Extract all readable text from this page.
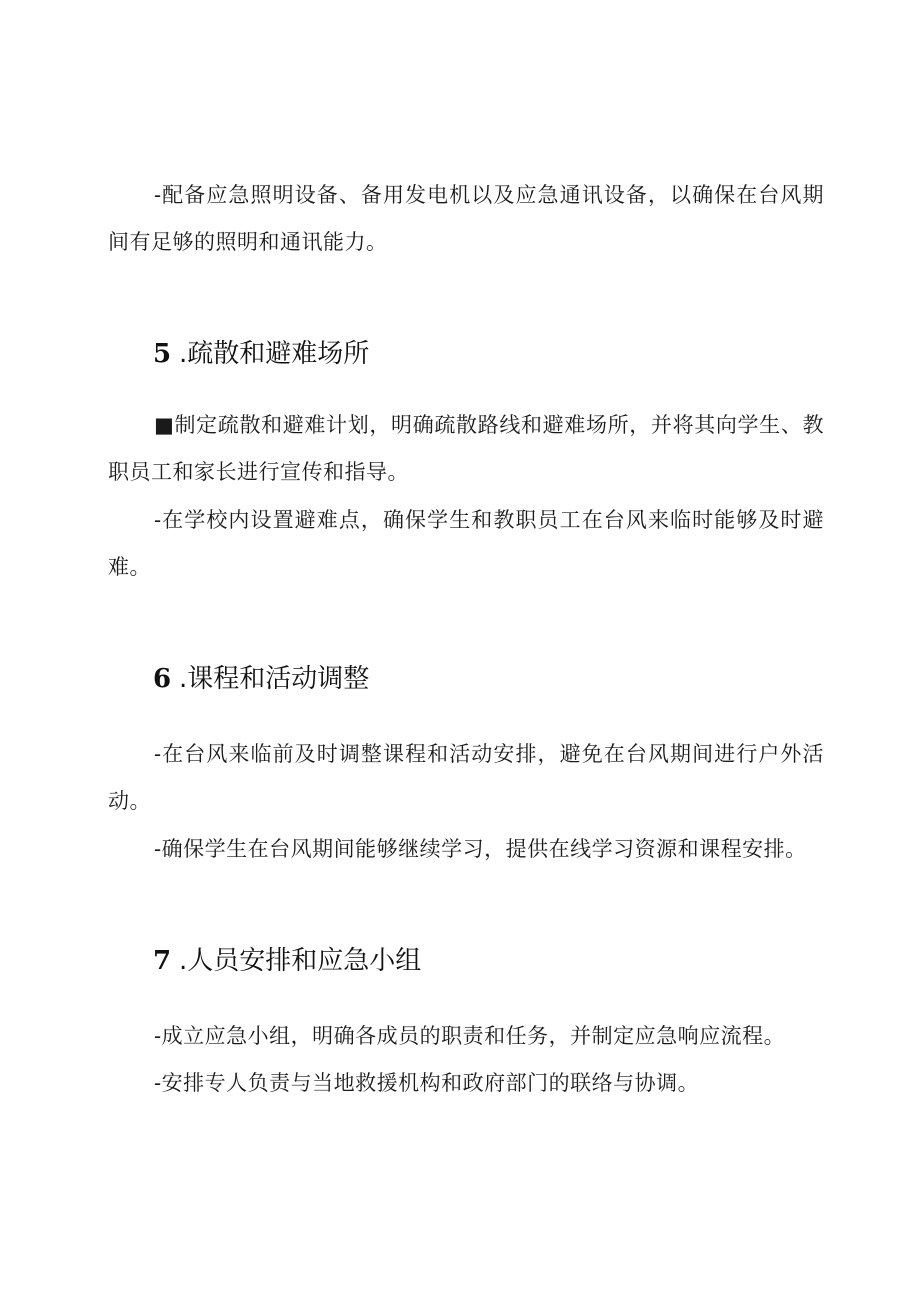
-配备应急照明设备、备用发电机以及应急通讯设备，以确保在台风期间有足够的照明和通讯能力。

5 .疏散和避难场所

■制定疏散和避难计划，明确疏散路线和避难场所，并将其向学生、教职员工和家长进行宣传和指导。

-在学校内设置避难点，确保学生和教职员工在台风来临时能够及时避难。

6 .课程和活动调整

-在台风来临前及时调整课程和活动安排，避免在台风期间进行户外活动。

-确保学生在台风期间能够继续学习，提供在线学习资源和课程安排。

7 .人员安排和应急小组

-成立应急小组，明确各成员的职责和任务，并制定应急响应流程。

-安排专人负责与当地救援机构和政府部门的联络与协调。
